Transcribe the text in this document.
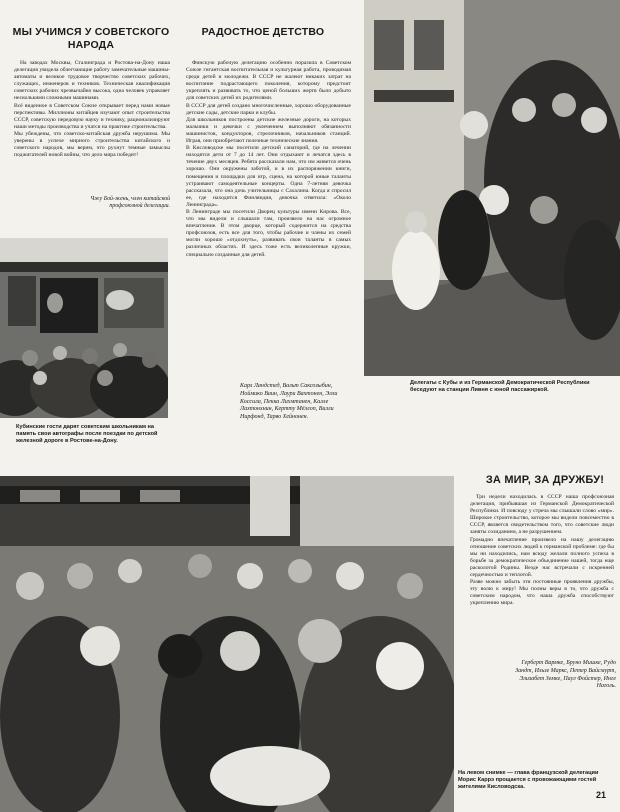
МЫ УЧИМСЯ У СОВЕТСКОГО НАРОДА
На заводах Москвы, Сталинграда и Ростова-на-Дону наша делегация увидела облегчающие работу замечательные машины-автоматы и великое трудовое творчество советских рабочих, служащих, инженеров и техников. Техническая квалификация советских рабочих чрезвычайно высока, одна человек управляет несколькими сложными машинами.
Всё виденное в Советском Союзе открывает перед нами новые перспективы. Миллионы китайцев изучают опыт строительства СССР, советскую передовую науку и технику, рационализируют наши методы производства и учатся на практике строительства.
Мы убеждены, что советско-китайская дружба нерушима. Мы уверены в успехе мирного строительства китайского и советского народов, мы верим, что рухнут темные замыслы поджигателей новой войны, что дело мира победит!
Чжу Бой-жень, член китайской профсоюзной делегации.
Кубинские гости дарят советским школьникам на память свои автографы после поездки по детской железной дороге в Ростове-на-Дону.
РАДОСТНОЕ ДЕТСТВО
Финскую рабочую делегацию особенно поразила в Советском Союзе гигантская воспитательная и культурная работа, проводимая среди детей и молодежи. В СССР не жалеют никаких затрат на воспитание подрастающего поколения, которому предстоит укреплять и развивать то, что ценой больших жертв было добыто для советских детей их родителями.
В СССР для детей создано многочисленные, хорошо оборудованные детские сады, детские парки и клубы.
Для школьников построены детские железные дороги, на которых мальчики и девочки с увлечением выполняют обязанности машинистов, кондукторов, стрелочников, начальников станций. Играя, они приобретают полезные технические знания.
В Кисловодске мы посетили детский санаторий, где на лечении находятся дети от 7 до 14 лет. Они отдыхают и лечатся здесь в течение двух месяцев. Ребята рассказали нам, что им живется очень хорошо. Они окружены заботой, и в их распоряжении книги, помещения и площадки для игр, сцена, на которой юные таланты устраивают самодеятельные концерты. Одна 7-летняя девочка рассказала, что она дочь учительницы с Сахалина. Когда я спросил ее, где находится Финляндия, девочка ответила: «Около Ленинграда».
В Ленинграде мы посетили Дворец культуры имени Кирова. Все, что мы видели и слышали там, произвело на нас огромное впечатление. В этом дворце, который содержится на средства профсоюзов, есть все для того, чтобы рабочие и члены их семей могли хорошо «отдохнуть», развивать свои таланты в самых различных областях. И здесь тоже есть великолепные кружки, специально созданные для детей.
Карл Ландстед, Вальт Саксозыбин, Ноймико Ваин, Лаури Вахтонен, Элли Коссила, Пекка Лихмтанен, Калле Лахтонхнин, Кертту Мёллоп, Вилли Нирфонд, Тарво Хейнонен.
Делегаты с Кубы и из Германской Демократической Республики беседуют на станции Ливня с юной пассажиркой.
ЗА МИР, ЗА ДРУЖБУ!
Три недели находилась в СССР наша профсоюзная делегация, прибывшая из Германской Демократической Республики. И повсюду у стреча мы слышали слово «мир». Широкое строительство, которое мы видели повсеместно в СССР, является свидетельством того, что советские люди заняты созиданием, а не разрушением.
Громадно впечатление произвело на нашу делегацию отношение советских людей к германской проблеме: где бы мы ни находились, нам всюду желали полного успеха в борьбе за демократическое объединение нашей, тогда еще расколотой Родины. Везде нас встречали с искренней сердечностью и теплотой.
Разве можно забыть эти постоянные проявления дружбы, эту волю к миру! Мы полны веры в то, что дружба с советским народом, что наша дружба способствуют укреплению мира.
Герберт Вармке, Бруно Мишке, Рудо Зандт, Ильзе Маркс, Петер Вайсмурт, Элизабет Земке, Паул Фойстер, Инге Наголь.
На левом снимке — глава французской делегации Морис Каррэ прощается с провожающими гостей жителями Кисловодска.
21
